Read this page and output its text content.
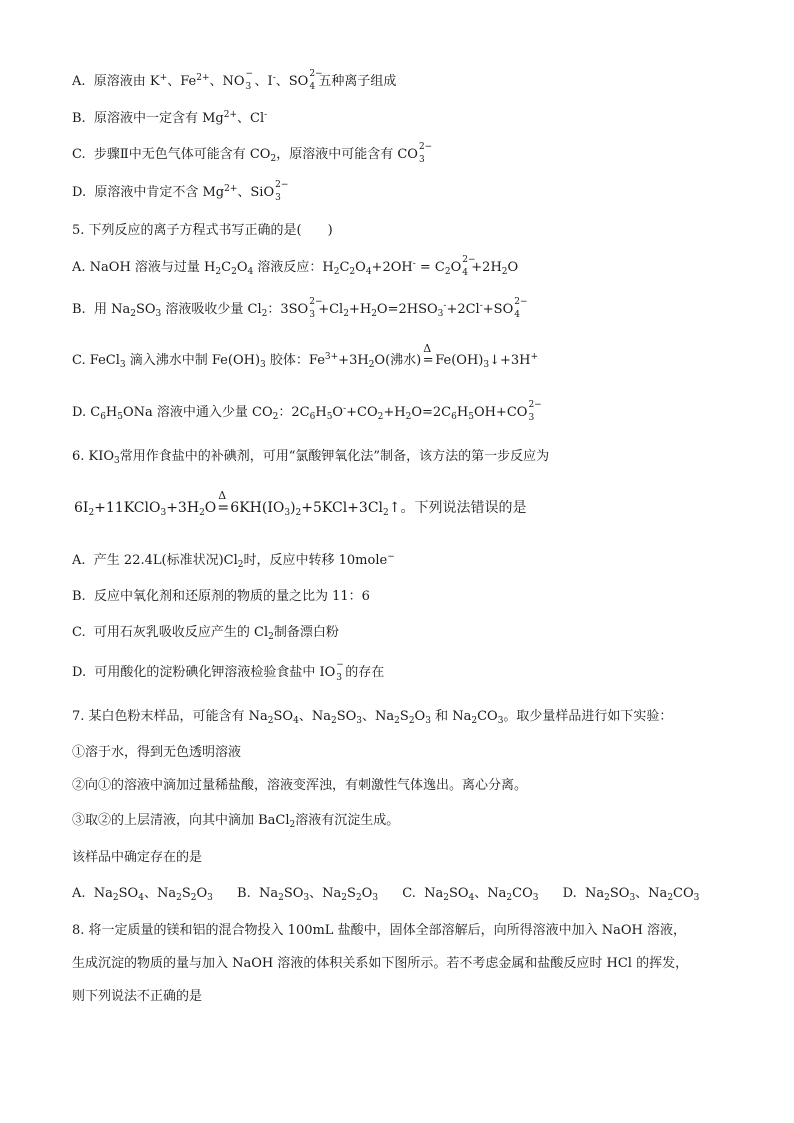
A. 原溶液由 K+、$Fe^{2+}$、NO −
3 、I-、SO 2−
4 五种离子组成
B. 原溶液中一定含有 $Mg^{2+}$、Cl-
C. 步骤Ⅱ中无色气体可能含有 $CO_2$，原溶液中可能含有 CO 2−
3
D. 原溶液中肯定不含 $Mg^{2+}$、SiO 2−
3
5. 下列反应的离子方程式书写正确的是(　　)
A. NaOH 溶液与过量 $H_2C_2O_4$ 溶液反应：$H_2C_2O_4+2OH^- = C_2O$ 2−
$4 +2H_2O$
B. 用 $Na_2SO_3$ 溶液吸收少量 $Cl_2$：3SO 2−
$3 +Cl_2+H_2O=2HSO_3^-+2Cl^-+SO$ 2−
4
C. FeCl$_3$ 滴入沸水中制 $Fe(OH)_3$ 胶体：$Fe^{3+}+3H_2O$(沸水)
Δ
= $Fe(OH)_3↓+3H^+$
D. $C_6H_5ONa$ 溶液中通入少量 $CO_2$：$2C_6H_5O^-+CO_2+H_2O=2C_6H_5OH+CO$ 2−
3
6. $KIO_3$常用作食盐中的补碘剂，可用“氯酸钾氧化法”制备，该方法的第一步反应为
$6I_2+11KClO_3+3H_2O$
Δ
$=6KH(IO_3)_2+5KCl+3Cl_2↑$。下列说法错误的是
A. 产生 22.4L(标准状况)$Cl_2$时，反应中转移 10mole−
B. 反应中氧化剂和还原剂的物质的量之比为 11：6
C. 可用石灰乳吸收反应产生的 $Cl_2$制备漂白粉
D. 可用酸化的淀粉碘化钾溶液检验食盐中 IO −
3 的存在
7. 某白色粉末样品，可能含有 $Na_2SO_4$、$Na_2SO_3$、$Na_2S_2O_3$ 和 $Na_2CO_3$。取少量样品进行如下实验：
①溶于水，得到无色透明溶液
②向①的溶液中滴加过量稀盐酸，溶液变浑浊，有刺激性气体逸出。离心分离。
③取②的上层清液，向其中滴加 BaCl$_2$溶液有沉淀生成。
该样品中确定存在的是
A.  $Na_2SO_4$、$Na_2S_2O_3$ B.  $Na_2SO_3$、$Na_2S_2O_3$ C.  $Na_2SO_4$、$Na_2CO_3$ D.  $Na_2SO_3$、$Na_2CO_3$
8. 将一定质量的镁和铝的混合物投入 100mL 盐酸中，固体全部溶解后，向所得溶液中加入 NaOH 溶液，
生成沉淀的物质的量与加入 NaOH 溶液的体积关系如下图所示。若不考虑金属和盐酸反应时 HCl 的挥发，
则下列说法不正确的是
